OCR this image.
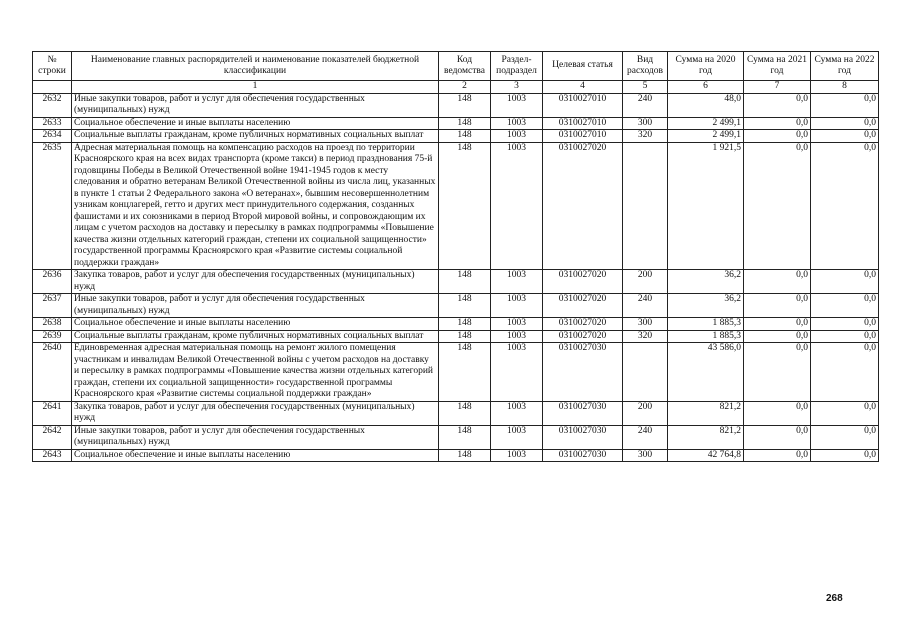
№ строки	Наименование главных распорядителей и наименование показателей бюджетной классификации	Код ведомства	Раздел-подраздел	Целевая статья	Вид расходов	Сумма на 2020 год	Сумма на 2021 год	Сумма на 2022 год
	1	2	3	4	5	6	7	8
2632	Иные закупки товаров, работ и услуг для обеспечения государственных (муниципальных) нужд	148	1003	0310027010	240	48,0	0,0	0,0
2633	Социальное обеспечение и иные выплаты населению	148	1003	0310027010	300	2 499,1	0,0	0,0
2634	Социальные выплаты гражданам, кроме публичных нормативных социальных выплат	148	1003	0310027010	320	2 499,1	0,0	0,0
2635	Адресная материальная помощь на компенсацию расходов на проезд по территории Красноярского края на всех видах транспорта (кроме такси) в период празднования 75-й годовщины Победы в Великой Отечественной войне 1941-1945 годов к месту следования и обратно ветеранам Великой Отечественной войны из числа лиц, указанных в пункте 1 статьи 2 Федерального закона «О ветеранах», бывшим несовершеннолетним узникам концлагерей, гетто и других мест принудительного содержания, созданных фашистами и их союзниками в период Второй мировой войны, и сопровождающим их лицам с учетом расходов на доставку и пересылку в рамках подпрограммы «Повышение качества жизни отдельных категорий граждан, степени их социальной защищенности» государственной программы Красноярского края «Развитие системы социальной поддержки граждан»	148	1003	0310027020		1 921,5	0,0	0,0
2636	Закупка товаров, работ и услуг для обеспечения государственных (муниципальных) нужд	148	1003	0310027020	200	36,2	0,0	0,0
2637	Иные закупки товаров, работ и услуг для обеспечения государственных (муниципальных) нужд	148	1003	0310027020	240	36,2	0,0	0,0
2638	Социальное обеспечение и иные выплаты населению	148	1003	0310027020	300	1 885,3	0,0	0,0
2639	Социальные выплаты гражданам, кроме публичных нормативных социальных выплат	148	1003	0310027020	320	1 885,3	0,0	0,0
2640	Единовременная адресная материальная помощь на ремонт жилого помещения участникам и инвалидам Великой Отечественной войны с учетом расходов на доставку и пересылку в рамках подпрограммы «Повышение качества жизни отдельных категорий граждан, степени их социальной защищенности» государственной программы Красноярского края «Развитие системы социальной поддержки граждан»	148	1003	0310027030		43 586,0	0,0	0,0
2641	Закупка товаров, работ и услуг для обеспечения государственных (муниципальных) нужд	148	1003	0310027030	200	821,2	0,0	0,0
2642	Иные закупки товаров, работ и услуг для обеспечения государственных (муниципальных) нужд	148	1003	0310027030	240	821,2	0,0	0,0
2643	Социальное обеспечение и иные выплаты населению	148	1003	0310027030	300	42 764,8	0,0	0,0
268
